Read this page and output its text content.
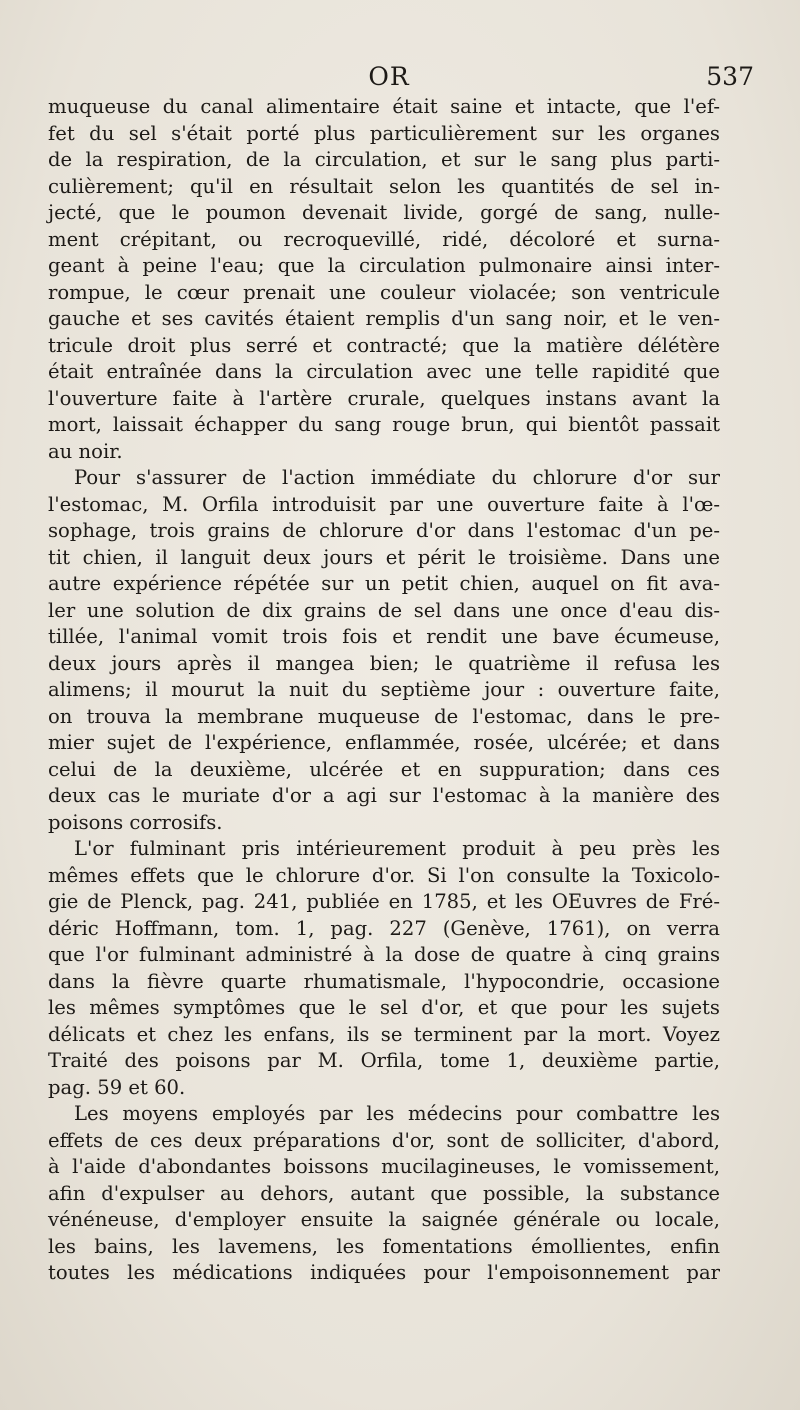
OR	537

muqueuse du canal alimentaire était saine et intacte, que l'ef-

fet du sel s'était porté plus particulièrement sur les organes

de la respiration, de la circulation, et sur le sang plus parti-

culièrement; qu'il en résultait selon les quantités de sel in-

jecté, que le poumon devenait livide, gorgé de sang, nulle-

ment crépitant, ou recroquevillé, ridé, décoloré et surna-

geant à peine l'eau; que la circulation pulmonaire ainsi inter-

rompue, le cœur prenait une couleur violacée; son ventricule

gauche et ses cavités étaient remplis d'un sang noir, et le ven-

tricule droit plus serré et contracté; que la matière délétère

était entraînée dans la circulation avec une telle rapidité que

l'ouverture faite à l'artère crurale, quelques instans avant la

mort, laissait échapper du sang rouge brun, qui bientôt passait

au noir.

Pour s'assurer de l'action immédiate du chlorure d'or sur

l'estomac, M. Orfila introduisit par une ouverture faite à l'œ-

sophage, trois grains de chlorure d'or dans l'estomac d'un pe-

tit chien, il languit deux jours et périt le troisième. Dans une

autre expérience répétée sur un petit chien, auquel on fit ava-

ler une solution de dix grains de sel dans une once d'eau dis-

tillée, l'animal vomit trois fois et rendit une bave écumeuse,

deux jours après il mangea bien; le quatrième il refusa les

alimens; il mourut la nuit du septième jour : ouverture faite,

on trouva la membrane muqueuse de l'estomac, dans le pre-

mier sujet de l'expérience, enflammée, rosée, ulcérée; et dans

celui de la deuxième, ulcérée et en suppuration; dans ces

deux cas le muriate d'or a agi sur l'estomac à la manière des

poisons corrosifs.

L'or fulminant pris intérieurement produit à peu près les

mêmes effets que le chlorure d'or. Si l'on consulte la Toxicolo-

gie de Plenck, pag. 241, publiée en 1785, et les OEuvres de Fré-

déric Hoffmann, tom. 1, pag. 227 (Genève, 1761), on verra

que l'or fulminant administré à la dose de quatre à cinq grains

dans la fièvre quarte rhumatismale, l'hypocondrie, occasione

les mêmes symptômes que le sel d'or, et que pour les sujets

délicats et chez les enfans, ils se terminent par la mort. Voyez

Traité des poisons par M. Orfila, tome 1, deuxième partie,

pag. 59 et 60.

Les moyens employés par les médecins pour combattre les

effets de ces deux préparations d'or, sont de solliciter, d'abord,

à l'aide d'abondantes boissons mucilagineuses, le vomissement,

afin d'expulser au dehors, autant que possible, la substance

vénéneuse, d'employer ensuite la saignée générale ou locale,

les bains, les lavemens, les fomentations émollientes, enfin

toutes les médications indiquées pour l'empoisonnement par
